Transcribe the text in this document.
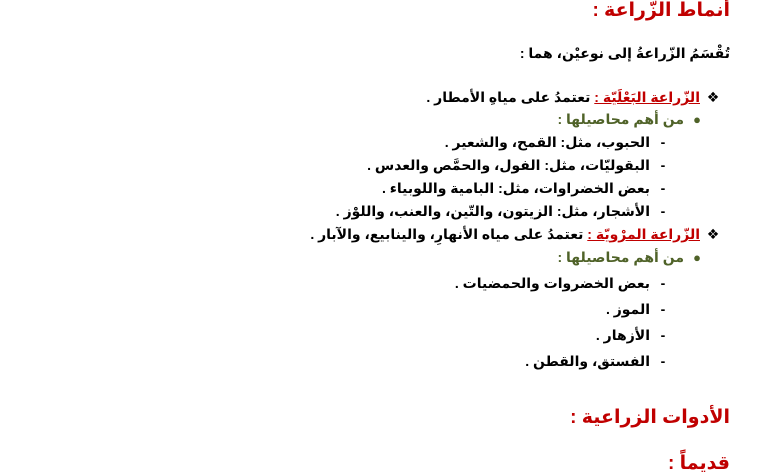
أنماط الزّراعة :
تُقْسَمُ الزّراعةُ إلى نوعيْن، هما :
❖الزّراعة البَعْلَيّة : تعتمدُ على مياهِ الأمطار .
●من أهم محاصيلها :
-الحبوب، مثل: القمح، والشعير .
-البقوليّات، مثل: الفول، والحمَّص والعدس .
-بعض الخضراوات، مثل: البامية واللوبياء .
-الأشجار، مثل: الزيتون، والتّين، والعنب، واللوْز .
❖الزّراعة المرْويّة : تعتمدُ على مياه الأنهارِ، والينابيع، والآبار .
●من أهم محاصيلها :
-بعض الخضروات والحمضيات .
-الموز .
-الأزهار .
-الفستق، والقطن .
الأدوات الزراعية :
قديماً :
